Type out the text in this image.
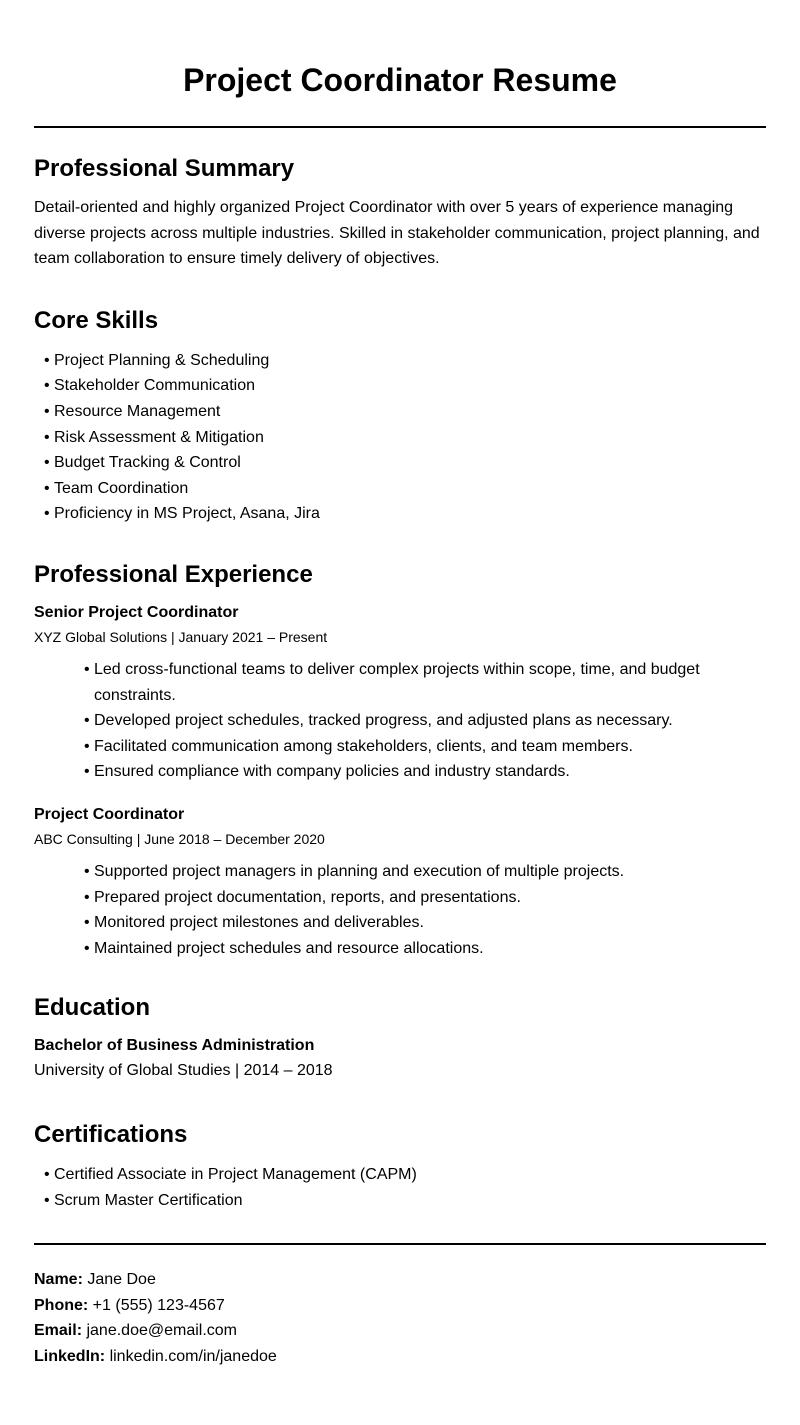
Project Coordinator Resume
Professional Summary

Detail-oriented and highly organized Project Coordinator with over 5 years of experience managing diverse projects across multiple industries. Skilled in stakeholder communication, project planning, and team collaboration to ensure timely delivery of objectives.

Core Skills
• Project Planning & Scheduling
• Stakeholder Communication
• Resource Management
• Risk Assessment & Mitigation
• Budget Tracking & Control
• Team Coordination
• Proficiency in MS Project, Asana, Jira
Professional Experience

Senior Project Coordinator

XYZ Global Solutions | January 2021 – Present

• Led cross-functional teams to deliver complex projects within scope, time, and budget constraints.
• Developed project schedules, tracked progress, and adjusted plans as necessary.
• Facilitated communication among stakeholders, clients, and team members.
• Ensured compliance with company policies and industry standards.

Project Coordinator

ABC Consulting | June 2018 – December 2020

• Supported project managers in planning and execution of multiple projects.
• Prepared project documentation, reports, and presentations.
• Monitored project milestones and deliverables.
• Maintained project schedules and resource allocations.
Education

Bachelor of Business Administration

University of Global Studies | 2014 – 2018

Certifications
• Certified Associate in Project Management (CAPM)
• Scrum Master Certification

Name: Jane Doe

Phone: +1 (555) 123-4567

Email: jane.doe@email.com

LinkedIn: linkedin.com/in/janedoe
